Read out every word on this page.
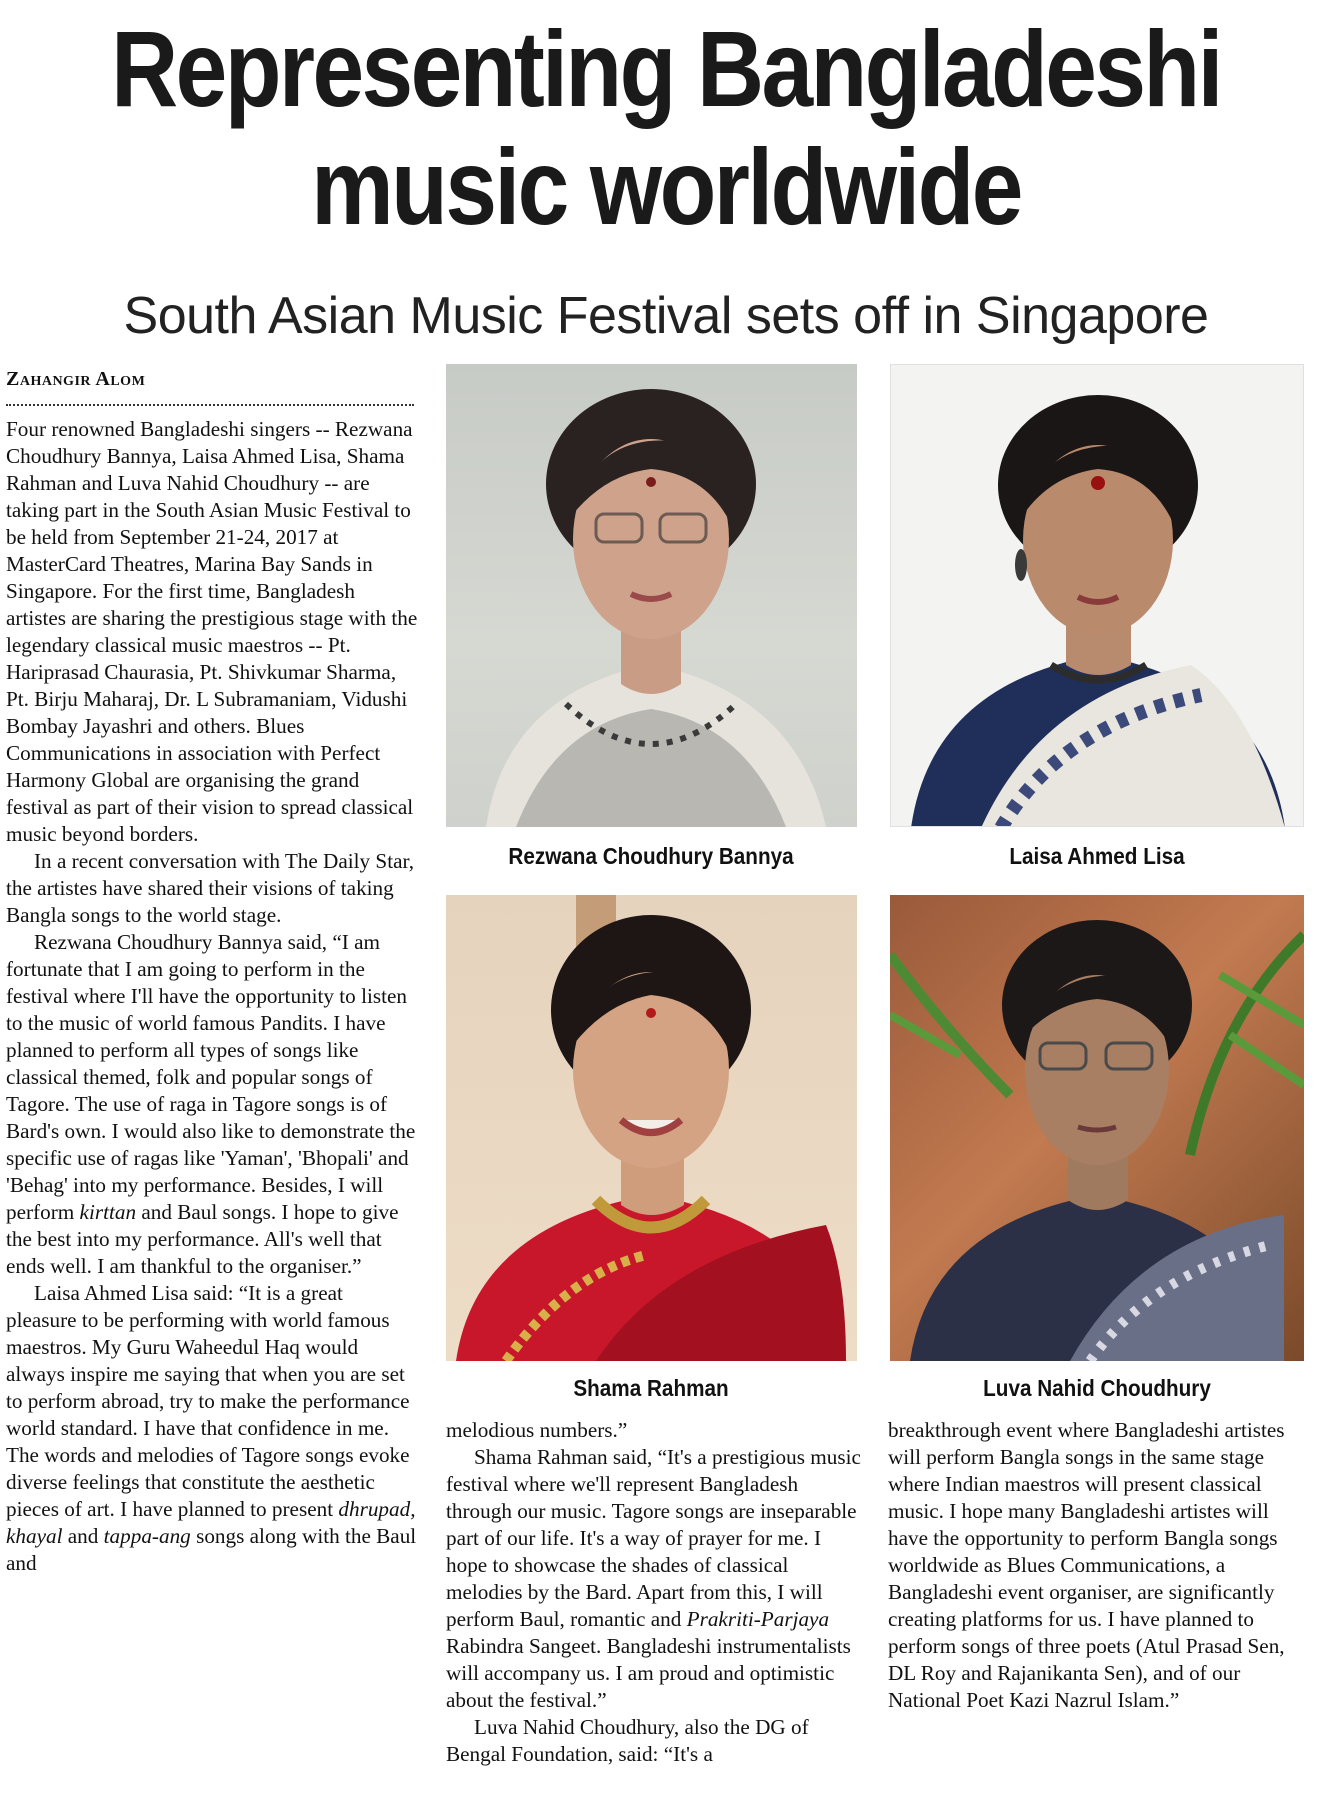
Representing Bangladeshi
music worldwide
South Asian Music Festival sets off in Singapore
Zahangir Alom

Four renowned Bangladeshi singers -- Rezwana Choudhury Bannya, Laisa Ahmed Lisa, Shama Rahman and Luva Nahid Choudhury -- are taking part in the South Asian Music Festival to be held from September 21-24, 2017 at MasterCard Theatres, Marina Bay Sands in Singapore. For the first time, Bangladesh artistes are sharing the prestigious stage with the legendary classical music maestros -- Pt. Hariprasad Chaurasia, Pt. Shivkumar Sharma, Pt. Birju Maharaj, Dr. L Subramaniam, Vidushi Bombay Jayashri and others. Blues Communications in association with Perfect Harmony Global are organising the grand festival as part of their vision to spread classical music beyond borders.

In a recent conversation with The Daily Star, the artistes have shared their visions of taking Bangla songs to the world stage.

Rezwana Choudhury Bannya said, “I am fortunate that I am going to perform in the festival where I'll have the opportunity to listen to the music of world famous Pandits. I have planned to perform all types of songs like classical themed, folk and popular songs of Tagore. The use of raga in Tagore songs is of Bard's own. I would also like to demonstrate the specific use of ragas like 'Yaman', 'Bhopali' and 'Behag' into my performance. Besides, I will perform kirttan and Baul songs. I hope to give the best into my performance. All's well that ends well. I am thankful to the organiser.”

Laisa Ahmed Lisa said: “It is a great pleasure to be performing with world famous maestros. My Guru Waheedul Haq would always inspire me saying that when you are set to perform abroad, try to make the performance world standard. I have that confidence in me. The words and melodies of Tagore songs evoke diverse feelings that constitute the aesthetic pieces of art. I have planned to present dhrupad, khayal and tappa-ang songs along with the Baul and

Rezwana Choudhury Bannya	Laisa Ahmed Lisa
Shama Rahman	Luva Nahid Choudhury

melodious numbers.”

Shama Rahman said, “It's a prestigious music festival where we'll represent Bangladesh through our music. Tagore songs are inseparable part of our life. It's a way of prayer for me. I hope to showcase the shades of classical melodies by the Bard. Apart from this, I will perform Baul, romantic and Prakriti-Parjaya Rabindra Sangeet. Bangladeshi instrumentalists will accompany us. I am proud and optimistic about the festival.”

Luva Nahid Choudhury, also the DG of Bengal Foundation, said: “It's a

breakthrough event where Bangladeshi artistes will perform Bangla songs in the same stage where Indian maestros will present classical music. I hope many Bangladeshi artistes will have the opportunity to perform Bangla songs worldwide as Blues Communications, a Bangladeshi event organiser, are significantly creating platforms for us. I have planned to perform songs of three poets (Atul Prasad Sen, DL Roy and Rajanikanta Sen), and of our National Poet Kazi Nazrul Islam.”
